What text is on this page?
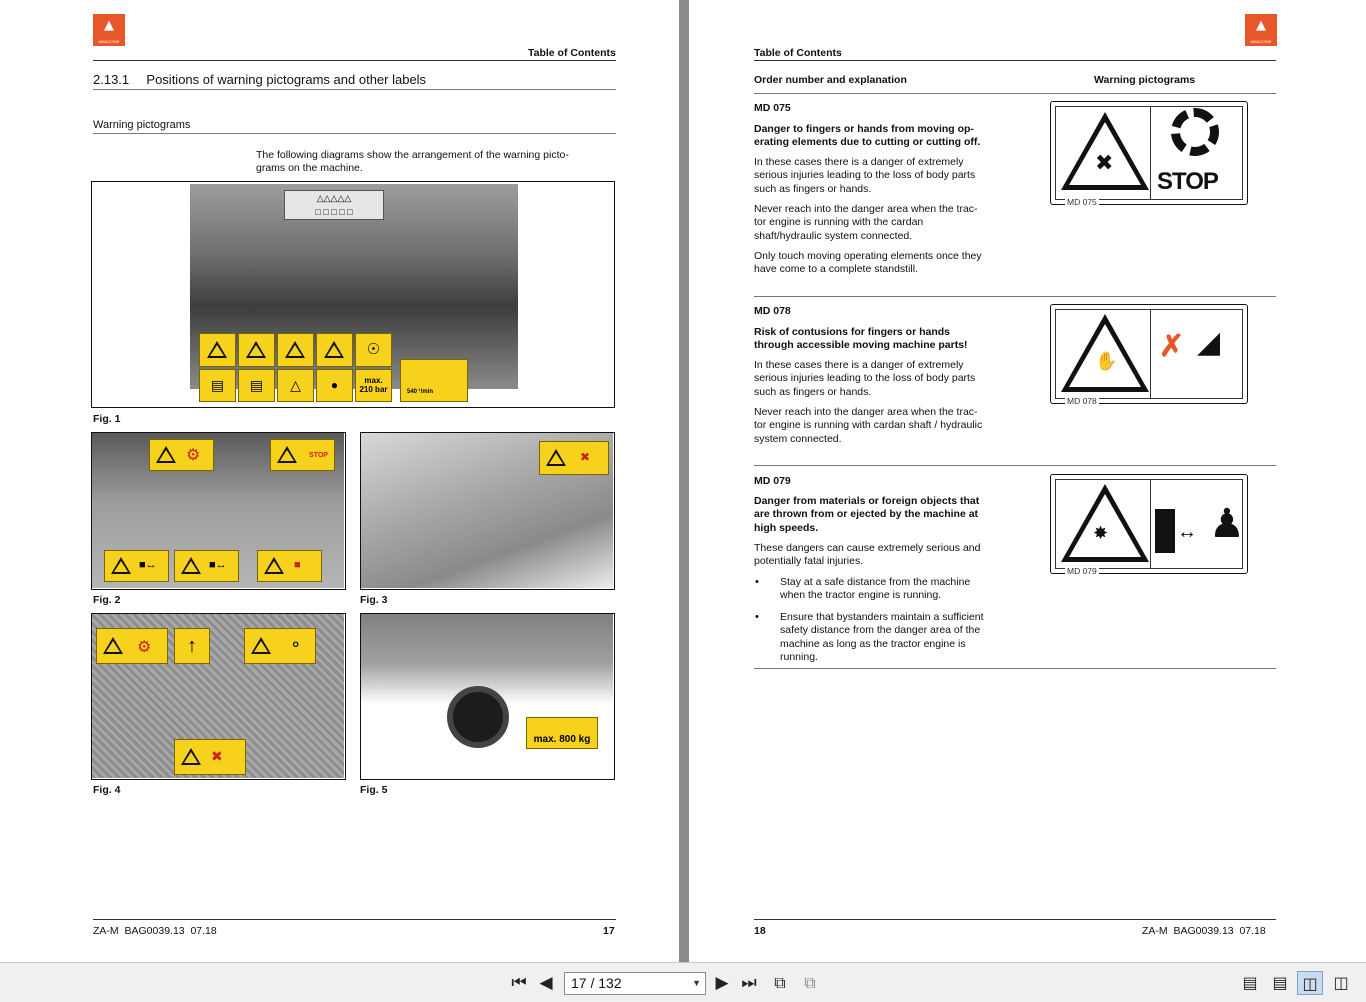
▲
AMAZONE
Table of Contents
2.13.1 Positions of warning pictograms and other labels
Warning pictograms
The following diagrams show the arrangement of the warning picto-
grams on the machine.
△△△△△
□ □ □ □ □
☉
▤	▤	△	●	max.
210 bar	540 ¹/min
Fig. 1
⚙	STOP
■↔	■↔	■
Fig. 2
✖
Fig. 3
⚙	↑	⚬
✖
Fig. 4
max. 800 kg
Fig. 5
ZA-M  BAG0039.13  07.18	17
▲
AMAZONE
Table of Contents
Order number and explanation	Warning pictograms
MD 075
Danger to fingers or hands from moving op-
erating elements due to cutting or cutting off.
In these cases there is a danger of extremely
serious injuries leading to the loss of body parts
such as fingers or hands.
Never reach into the danger area when the trac-
tor engine is running with the cardan
shaft/hydraulic system connected.
Only touch moving operating elements once they
have come to a complete standstill.
✖
STOP
MD 075
MD 078
Risk of contusions for fingers or hands
through accessible moving machine parts!
In these cases there is a danger of extremely
serious injuries leading to the loss of body parts
such as fingers or hands.
Never reach into the danger area when the trac-
tor engine is running with cardan shaft / hydraulic
system connected.
✋ ✗ ◢
MD 078
MD 079
Danger from materials or foreign objects that
are thrown from or ejected by the machine at
high speeds.
These dangers can cause extremely serious and
potentially fatal injuries.
• Stay at a safe distance from the machine
when the tractor engine is running.
• Ensure that bystanders maintain a sufficient
safety distance from the danger area of the
machine as long as the tractor engine is
running.
✸	↔ ♟
MD 079
18	ZA-M  BAG0039.13  07.18
⏮ ◀	17 / 132	▼ ▶ ⏭	⧉	⧉	▤ ▤ ◫ ◫
